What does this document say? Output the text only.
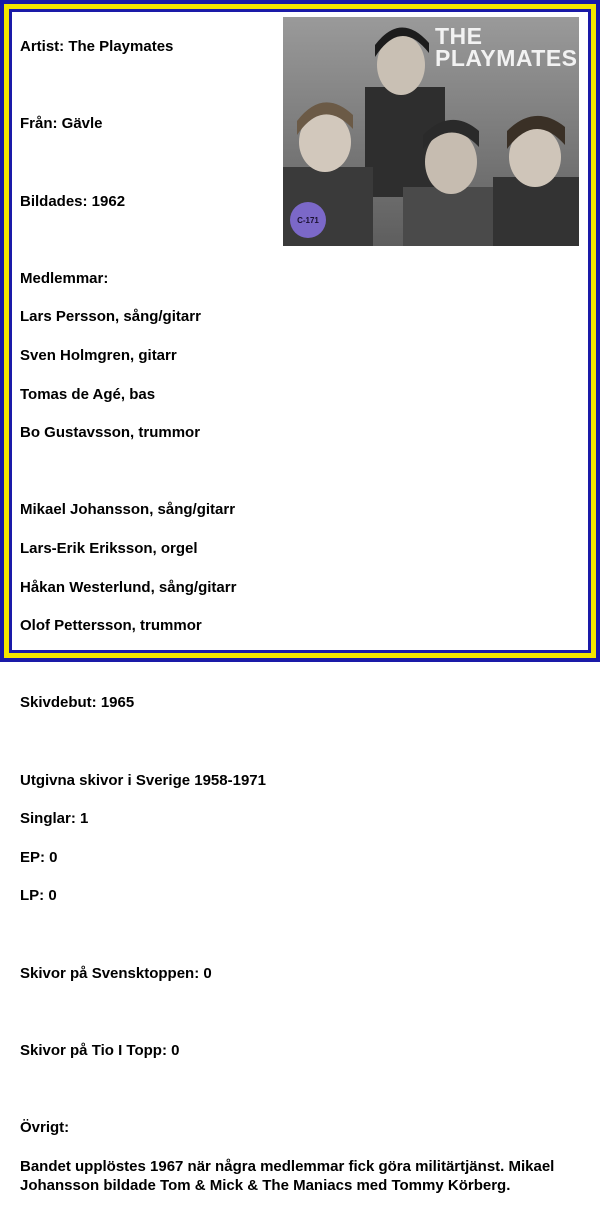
Artist: The Playmates

Från: Gävle

Bildades: 1962

Medlemmar:

Lars Persson, sång/gitarr

Sven Holmgren, gitarr

Tomas de Agé, bas

Bo Gustavsson, trummor

Mikael Johansson, sång/gitarr

Lars-Erik Eriksson, orgel

Håkan Westerlund, sång/gitarr

Olof Pettersson, trummor

Skivdebut: 1965

Utgivna skivor i Sverige 1958-1971

Singlar: 1

EP: 0

LP: 0

Skivor på Svensktoppen: 0

Skivor på Tio I Topp: 0

Övrigt:

Bandet upplöstes 1967 när några medlemmar fick göra militärtjänst. Mikael Johansson bildade Tom & Mick & The Maniacs med Tommy Körberg.

THE
PLAYMATES
C-171
